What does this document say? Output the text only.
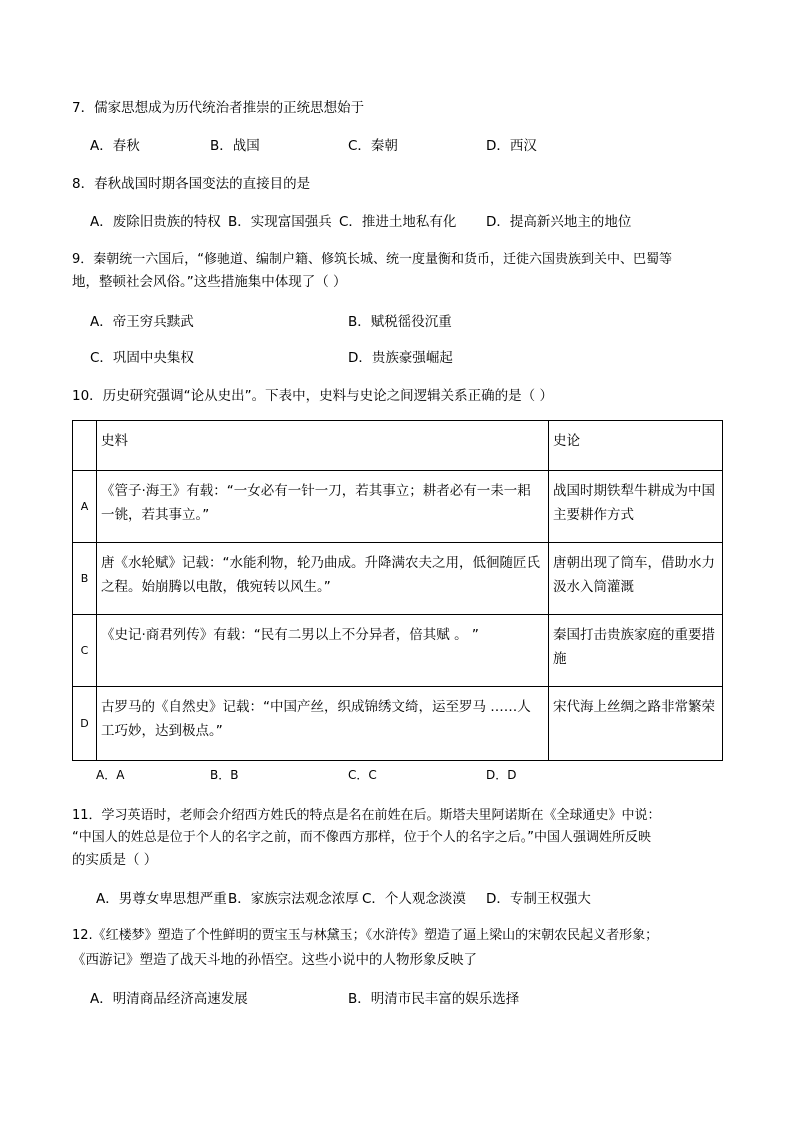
7．儒家思想成为历代统治者推崇的正统思想始于
A．春秋	B．战国	C．秦朝	D．西汉
8．春秋战国时期各国变法的直接目的是
A．废除旧贵族的特权 B．实现富国强兵 C．推进土地私有化 D．提高新兴地主的地位
9．秦朝统一六国后，“修驰道、编制户籍、修筑长城、统一度量衡和货币，迁徙六国贵族到关中、巴蜀等
地，整顿社会风俗。”这些措施集中体现了（ ）
A．帝王穷兵黩武	B．赋税徭役沉重
C．巩固中央集权	D．贵族豪强崛起
10．历史研究强调“论从史出”。下表中，史料与史论之间逻辑关系正确的是（ ）
	史料	史论
A	《管子·海王》有载：“一女必有一针一刀，若其事立；耕者必有一耒一耜一铫，若其事立。”	战国时期铁犁牛耕成为中国主要耕作方式
B	唐《水轮赋》记载：“水能利物，轮乃曲成。升降满农夫之用，低徊随匠氏之程。始崩腾以电散，俄宛转以风生。”	唐朝出现了筒车，借助水力汲水入筒灌溉
C	《史记·商君列传》有载：“民有二男以上不分异者，倍其赋 。 ”	秦国打击贵族家庭的重要措施
D	古罗马的《自然史》记载：“中国产丝，织成锦绣文绮，运至罗马 ……人工巧妙，达到极点。”	宋代海上丝绸之路非常繁荣
A．A	B．B	C．C	D．D
11．学习英语时，老师会介绍西方姓氏的特点是名在前姓在后。斯塔夫里阿诺斯在《全球通史》中说：
“中国人的姓总是位于个人的名字之前，而不像西方那样，位于个人的名字之后。”中国人强调姓所反映
的实质是（ ）
A．男尊女卑思想严重 B．家族宗法观念浓厚 C．个人观念淡漠 D．专制王权强大
12.《红楼梦》塑造了个性鲜明的贾宝玉与林黛玉；《水浒传》塑造了逼上梁山的宋朝农民起义者形象；
《西游记》塑造了战天斗地的孙悟空。这些小说中的人物形象反映了
A．明清商品经济高速发展	B．明清市民丰富的娱乐选择
